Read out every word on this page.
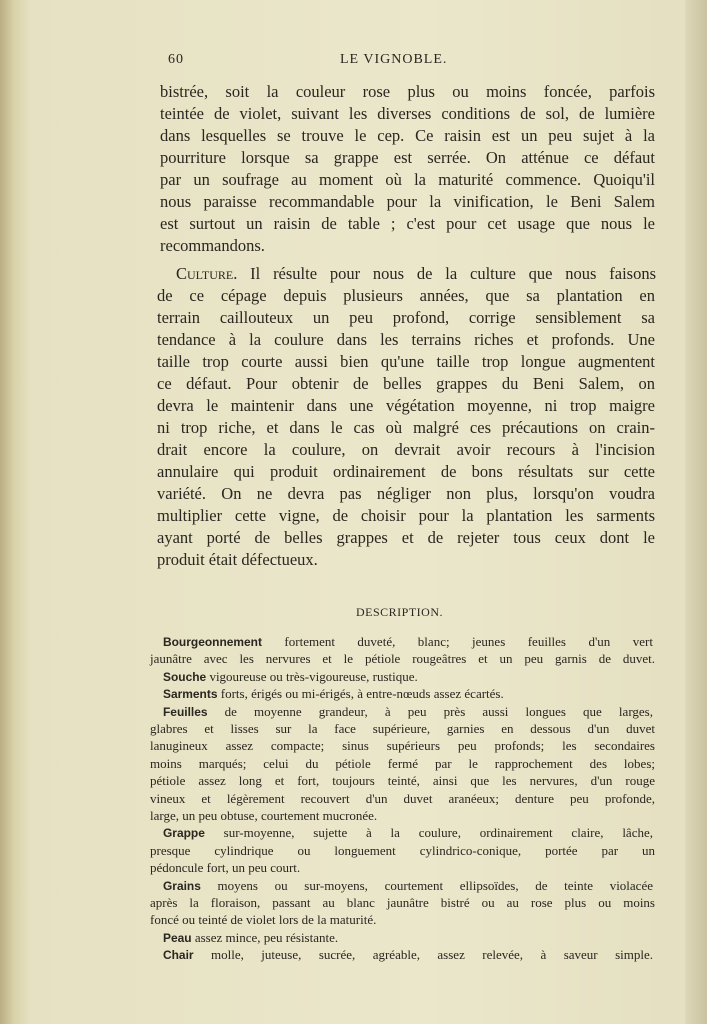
60	LE VIGNOBLE.
bistrée, soit la couleur rose plus ou moins foncée, parfois
teintée de violet, suivant les diverses conditions de sol, de lumière
dans lesquelles se trouve le cep. Ce raisin est un peu sujet à la
pourriture lorsque sa grappe est serrée. On atténue ce défaut
par un soufrage au moment où la maturité commence. Quoiqu'il
nous paraisse recommandable pour la vinification, le Beni Salem
est surtout un raisin de table ; c'est pour cet usage que nous le
recommandons.
Culture. Il résulte pour nous de la culture que nous faisons
de ce cépage depuis plusieurs années, que sa plantation en
terrain caillouteux un peu profond, corrige sensiblement sa
tendance à la coulure dans les terrains riches et profonds. Une
taille trop courte aussi bien qu'une taille trop longue augmentent
ce défaut. Pour obtenir de belles grappes du Beni Salem, on
devra le maintenir dans une végétation moyenne, ni trop maigre
ni trop riche, et dans le cas où malgré ces précautions on crain-
drait encore la coulure, on devrait avoir recours à l'incision
annulaire qui produit ordinairement de bons résultats sur cette
variété. On ne devra pas négliger non plus, lorsqu'on voudra
multiplier cette vigne, de choisir pour la plantation les sarments
ayant porté de belles grappes et de rejeter tous ceux dont le
produit était défectueux.
DESCRIPTION.
Bourgeonnement fortement duveté, blanc; jeunes feuilles d'un vert
jaunâtre avec les nervures et le pétiole rougeâtres et un peu garnis de duvet.
Souche vigoureuse ou très-vigoureuse, rustique.
Sarments forts, érigés ou mi-érigés, à entre-nœuds assez écartés.
Feuilles de moyenne grandeur, à peu près aussi longues que larges,
glabres et lisses sur la face supérieure, garnies en dessous d'un duvet
lanugineux assez compacte; sinus supérieurs peu profonds; les secondaires
moins marqués; celui du pétiole fermé par le rapprochement des lobes;
pétiole assez long et fort, toujours teinté, ainsi que les nervures, d'un rouge
vineux et légèrement recouvert d'un duvet aranéeux; denture peu profonde,
large, un peu obtuse, courtement mucronée.
Grappe sur-moyenne, sujette à la coulure, ordinairement claire, lâche,
presque cylindrique ou longuement cylindrico-conique, portée par un
pédoncule fort, un peu court.
Grains moyens ou sur-moyens, courtement ellipsoïdes, de teinte violacée
après la floraison, passant au blanc jaunâtre bistré ou au rose plus ou moins
foncé ou teinté de violet lors de la maturité.
Peau assez mince, peu résistante.
Chair molle, juteuse, sucrée, agréable, assez relevée, à saveur simple.
